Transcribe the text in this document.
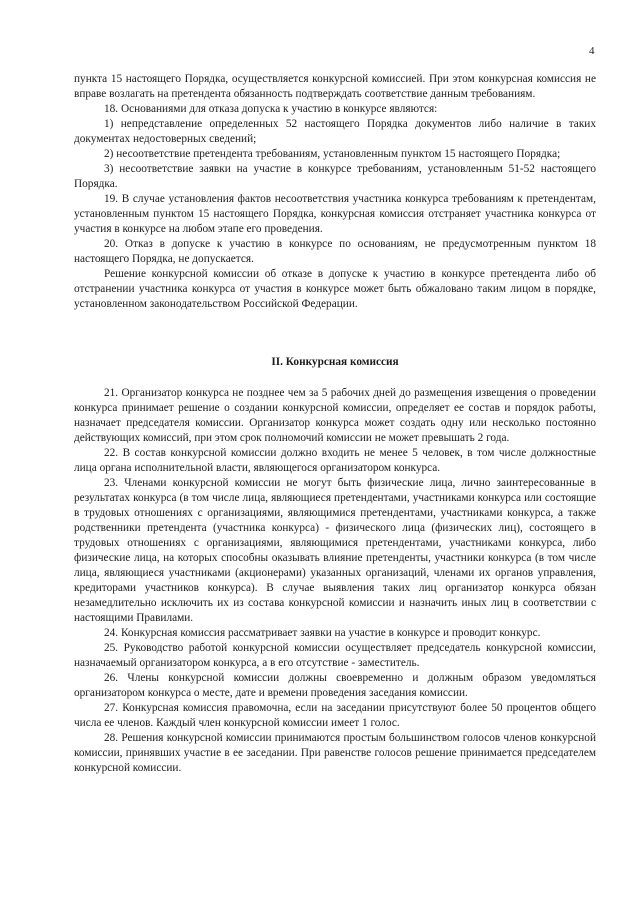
4

пункта 15 настоящего Порядка, осуществляется конкурсной комиссией. При этом конкурсная комиссия не вправе возлагать на претендента обязанность подтверждать соответствие данным требованиям.

18. Основаниями для отказа допуска к участию в конкурсе являются:

1) непредставление определенных 52 настоящего Порядка документов либо наличие в таких документах недостоверных сведений;

2) несоответствие претендента требованиям, установленным пунктом 15 настоящего Порядка;

3) несоответствие заявки на участие в конкурсе требованиям, установленным 51-52 настоящего Порядка.

19. В случае установления фактов несоответствия участника конкурса требованиям к претендентам, установленным пунктом 15 настоящего Порядка, конкурсная комиссия отстраняет участника конкурса от участия в конкурсе на любом этапе его проведения.

20. Отказ в допуске к участию в конкурсе по основаниям, не предусмотренным пунктом 18 настоящего Порядка, не допускается.

Решение конкурсной комиссии об отказе в допуске к участию в конкурсе претендента либо об отстранении участника конкурса от участия в конкурсе может быть обжаловано таким лицом в порядке, установленном законодательством Российской Федерации.

II. Конкурсная комиссия

21. Организатор конкурса не позднее чем за 5 рабочих дней до размещения извещения о проведении конкурса принимает решение о создании конкурсной комиссии, определяет ее состав и порядок работы, назначает председателя комиссии. Организатор конкурса может создать одну или несколько постоянно действующих комиссий, при этом срок полномочий комиссии не может превышать 2 года.

22. В состав конкурсной комиссии должно входить не менее 5 человек, в том числе должностные лица органа исполнительной власти, являющегося организатором конкурса.

23. Членами конкурсной комиссии не могут быть физические лица, лично заинтересованные в результатах конкурса (в том числе лица, являющиеся претендентами, участниками конкурса или состоящие в трудовых отношениях с организациями, являющимися претендентами, участниками конкурса, а также родственники претендента (участника конкурса) - физического лица (физических лиц), состоящего в трудовых отношениях с организациями, являющимися претендентами, участниками конкурса, либо физические лица, на которых способны оказывать влияние претенденты, участники конкурса (в том числе лица, являющиеся участниками (акционерами) указанных организаций, членами их органов управления, кредиторами участников конкурса). В случае выявления таких лиц организатор конкурса обязан незамедлительно исключить их из состава конкурсной комиссии и назначить иных лиц в соответствии с настоящими Правилами.

24. Конкурсная комиссия рассматривает заявки на участие в конкурсе и проводит конкурс.

25. Руководство работой конкурсной комиссии осуществляет председатель конкурсной комиссии, назначаемый организатором конкурса, а в его отсутствие - заместитель.

26. Члены конкурсной комиссии должны своевременно и должным образом уведомляться организатором конкурса о месте, дате и времени проведения заседания комиссии.

27. Конкурсная комиссия правомочна, если на заседании присутствуют более 50 процентов общего числа ее членов. Каждый член конкурсной комиссии имеет 1 голос.

28. Решения конкурсной комиссии принимаются простым большинством голосов членов конкурсной комиссии, принявших участие в ее заседании. При равенстве голосов решение принимается председателем конкурсной комиссии.
